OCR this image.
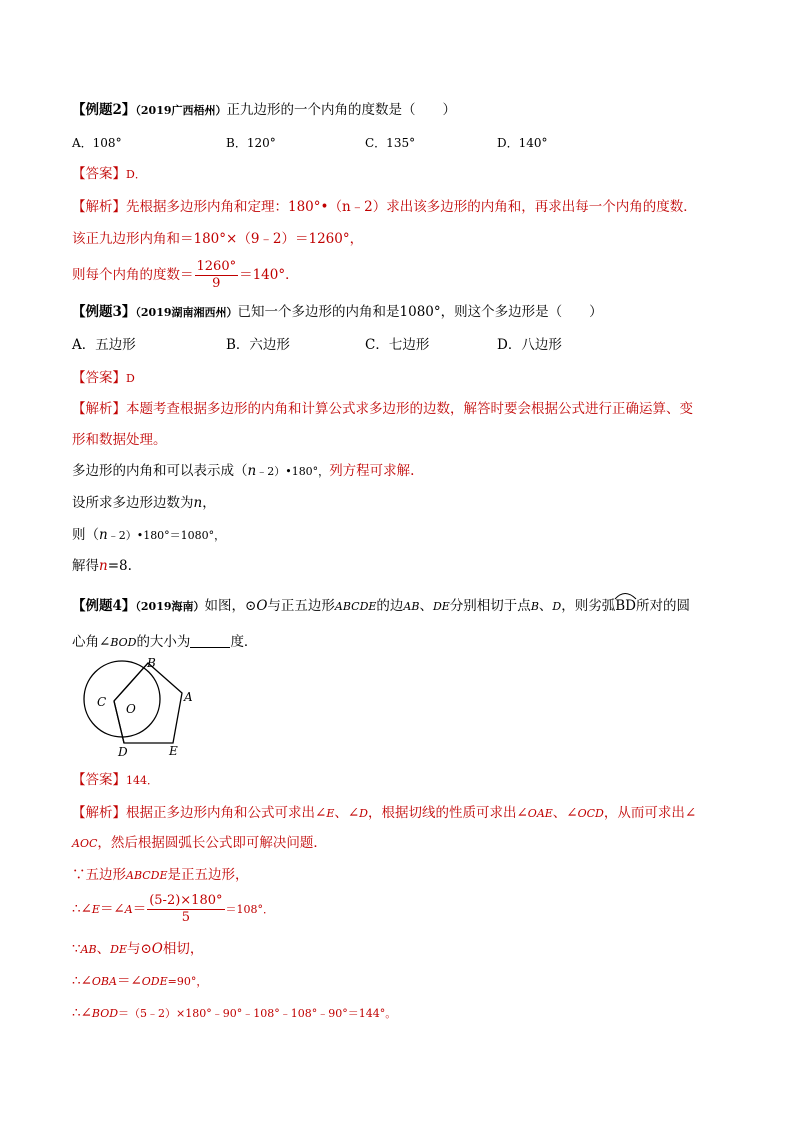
【例题2】（2019广西梧州）正九边形的一个内角的度数是（　　）
A．108°	B．120°	C．135°	D．140°
【答案】D．
【解析】先根据多边形内角和定理：180°•（n﹣2）求出该多边形的内角和，再求出每一个内角的度数．
该正九边形内角和＝180°×（9﹣2）＝1260°，
则每个内角的度数＝ $\frac{1260^\circ}{9} =140^\circ$．
【例题3】（2019湖南湘西州）已知一个多边形的内角和是1080°，则这个多边形是（　　）
A．五边形	B．六边形	C．七边形	D．八边形
【答案】D
【解析】本题考查根据多边形的内角和计算公式求多边形的边数，解答时要会根据公式进行正确运算、变
形和数据处理。
多边形的内角和可以表示成（n﹣2）•180°，列方程可求解.
设所求多边形边数为n，
则（n﹣2）•180°＝1080°，
解得n=8.
【例题4】（2019海南）如图，⊙O与正五边形ABCDE的边AB、DE分别相切于点B、D，则劣弧
BD所对的圆
心角∠BOD的大小为	度．
B
A
C O
D	E
【答案】144．
【解析】根据正多边形内角和公式可求出∠E、∠D，根据切线的性质可求出∠OAE、∠OCD，从而可求出∠
AOC，然后根据圆弧长公式即可解决问题．
∵五边形ABCDE是正五边形，
∴∠E＝∠A＝ $\frac{(5-2)\times 180^\circ}{5} =108^\circ$．
∵AB、DE与⊙O相切，
∴∠OBA＝∠ODE=90°，
∴∠BOD＝（5﹣2）×180°﹣90°﹣108°﹣108°﹣90°＝144°。
